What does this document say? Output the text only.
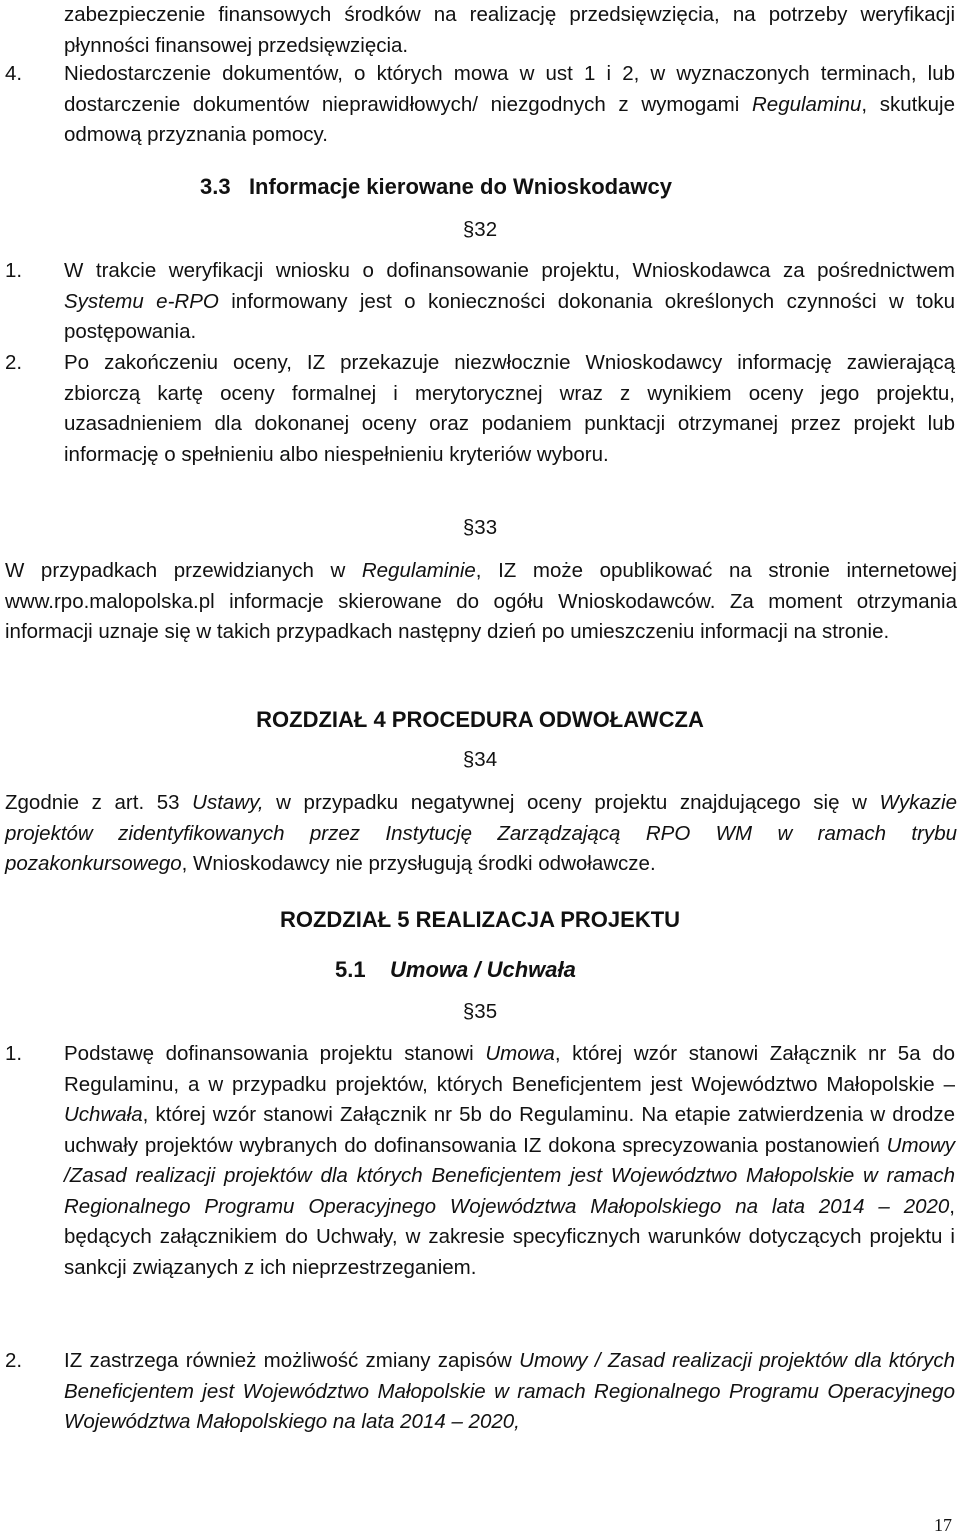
zabezpieczenie finansowych środków na realizację przedsięwzięcia, na potrzeby weryfikacji płynności finansowej przedsięwzięcia.

4. Niedostarczenie dokumentów, o których mowa w ust 1 i 2, w wyznaczonych terminach, lub dostarczenie dokumentów nieprawidłowych/ niezgodnych z wymogami Regulaminu, skutkuje odmową przyznania pomocy.

3.3 Informacje kierowane do Wnioskodawcy
§32
1. W trakcie weryfikacji wniosku o dofinansowanie projektu, Wnioskodawca za pośrednictwem Systemu e-RPO informowany jest o konieczności dokonania określonych czynności w toku postępowania.

2. Po zakończeniu oceny, IZ przekazuje niezwłocznie Wnioskodawcy informację zawierającą zbiorczą kartę oceny formalnej i merytorycznej wraz z wynikiem oceny jego projektu, uzasadnieniem dla dokonanej oceny oraz podaniem punktacji otrzymanej przez projekt lub informację o spełnieniu albo niespełnieniu kryteriów wyboru.

§33

W przypadkach przewidzianych w Regulaminie, IZ może opublikować na stronie internetowej www.rpo.malopolska.pl informacje skierowane do ogółu Wnioskodawców. Za moment otrzymania informacji uznaje się w takich przypadkach następny dzień po umieszczeniu informacji na stronie.

ROZDZIAŁ 4 PROCEDURA ODWOŁAWCZA
§34

Zgodnie z art. 53 Ustawy, w przypadku negatywnej oceny projektu znajdującego się w Wykazie projektów zidentyfikowanych przez Instytucję Zarządzającą RPO WM w ramach trybu pozakonkursowego, Wnioskodawcy nie przysługują środki odwoławcze.

ROZDZIAŁ 5 REALIZACJA PROJEKTU
5.1 Umowa / Uchwała
§35
1. Podstawę dofinansowania projektu stanowi Umowa, której wzór stanowi Załącznik nr 5a do Regulaminu, a w przypadku projektów, których Beneficjentem jest Województwo Małopolskie – Uchwała, której wzór stanowi Załącznik nr 5b do Regulaminu. Na etapie zatwierdzenia w drodze uchwały projektów wybranych do dofinansowania IZ dokona sprecyzowania postanowień Umowy /Zasad realizacji projektów dla których Beneficjentem jest Województwo Małopolskie w ramach Regionalnego Programu Operacyjnego Województwa Małopolskiego na lata 2014 – 2020, będących załącznikiem do Uchwały, w zakresie specyficznych warunków dotyczących projektu i sankcji związanych z ich nieprzestrzeganiem.

2. IZ zastrzega również możliwość zmiany zapisów Umowy / Zasad realizacji projektów dla których Beneficjentem jest Województwo Małopolskie w ramach Regionalnego Programu Operacyjnego Województwa Małopolskiego na lata 2014 – 2020,

17
